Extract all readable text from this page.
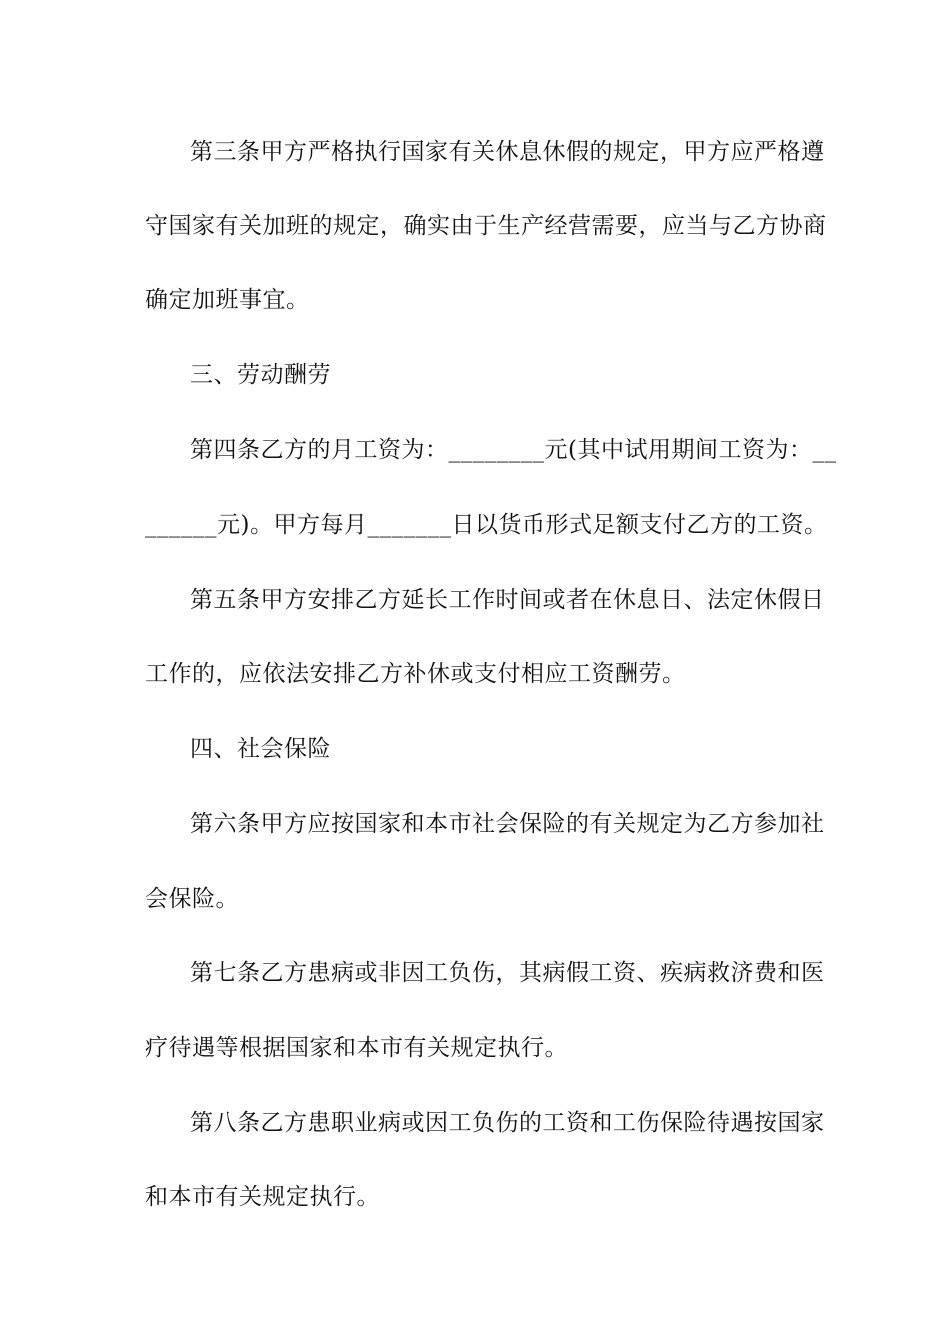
第三条甲方严格执行国家有关休息休假的规定，甲方应严格遵
守国家有关加班的规定，确实由于生产经营需要，应当与乙方协商
确定加班事宜。
三、劳动酬劳
第四条乙方的月工资为：________元(其中试用期间工资为：__
______元)。甲方每月_______日以货币形式足额支付乙方的工资。
第五条甲方安排乙方延长工作时间或者在休息日、法定休假日
工作的，应依法安排乙方补休或支付相应工资酬劳。
四、社会保险
第六条甲方应按国家和本市社会保险的有关规定为乙方参加社
会保险。
第七条乙方患病或非因工负伤，其病假工资、疾病救济费和医
疗待遇等根据国家和本市有关规定执行。
第八条乙方患职业病或因工负伤的工资和工伤保险待遇按国家
和本市有关规定执行。
